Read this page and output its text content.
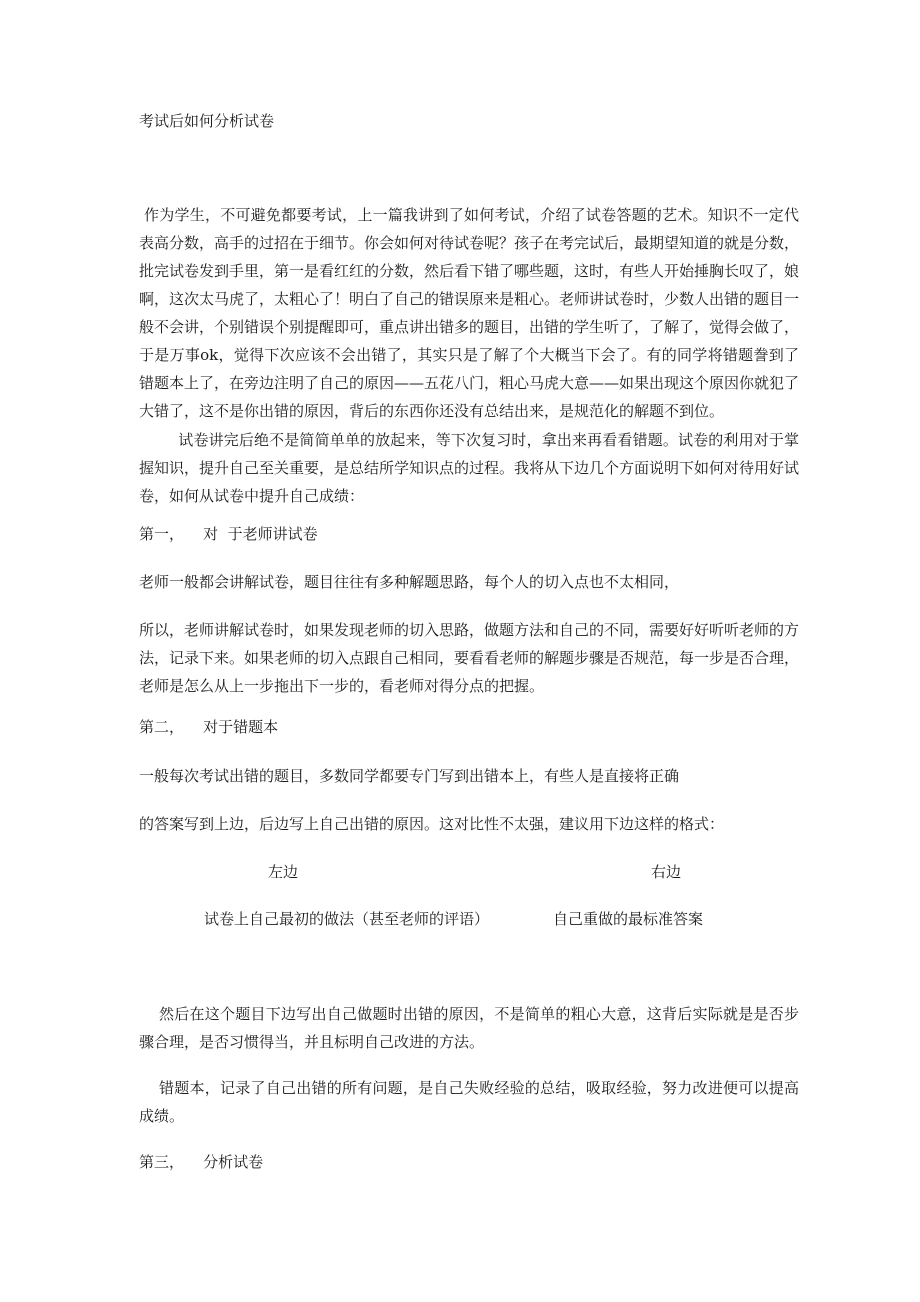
考试后如何分析试卷

作为学生，不可避免都要考试，上一篇我讲到了如何考试，介绍了试卷答题的艺术。知识不一定代表高分数，高手的过招在于细节。你会如何对待试卷呢？孩子在考完试后，最期望知道的就是分数，批完试卷发到手里，第一是看红红的分数，然后看下错了哪些题，这时，有些人开始捶胸长叹了，娘啊，这次太马虎了，太粗心了！明白了自己的错误原来是粗心。老师讲试卷时，少数人出错的题目一般不会讲，个别错误个别提醒即可，重点讲出错多的题目，出错的学生听了，了解了，觉得会做了，于是万事ok，觉得下次应该不会出错了，其实只是了解了个大概当下会了。有的同学将错题誊到了错题本上了，在旁边注明了自己的原因——五花八门，粗心马虎大意——如果出现这个原因你就犯了大错了，这不是你出错的原因，背后的东西你还没有总结出来，是规范化的解题不到位。

试卷讲完后绝不是简简单单的放起来，等下次复习时，拿出来再看看错题。试卷的利用对于掌握知识，提升自己至关重要，是总结所学知识点的过程。我将从下边几个方面说明下如何对待用好试卷，如何从试卷中提升自己成绩：

第一，    对  于老师讲试卷

老师一般都会讲解试卷，题目往往有多种解题思路，每个人的切入点也不太相同，

所以，老师讲解试卷时，如果发现老师的切入思路，做题方法和自己的不同，需要好好听听老师的方法，记录下来。如果老师的切入点跟自己相同，要看看老师的解题步骤是否规范，每一步是否合理，老师是怎么从上一步拖出下一步的，看老师对得分点的把握。

第二，    对于错题本

一般每次考试出错的题目，多数同学都要专门写到出错本上，有些人是直接将正确

的答案写到上边，后边写上自己出错的原因。这对比性不太强，建议用下边这样的格式：

左边	右边
试卷上自己最初的做法（甚至老师的评语）	自己重做的最标准答案

然后在这个题目下边写出自己做题时出错的原因，不是简单的粗心大意，这背后实际就是是否步骤合理，是否习惯得当，并且标明自己改进的方法。

错题本，记录了自己出错的所有问题，是自己失败经验的总结，吸取经验，努力改进便可以提高成绩。

第三，    分析试卷
